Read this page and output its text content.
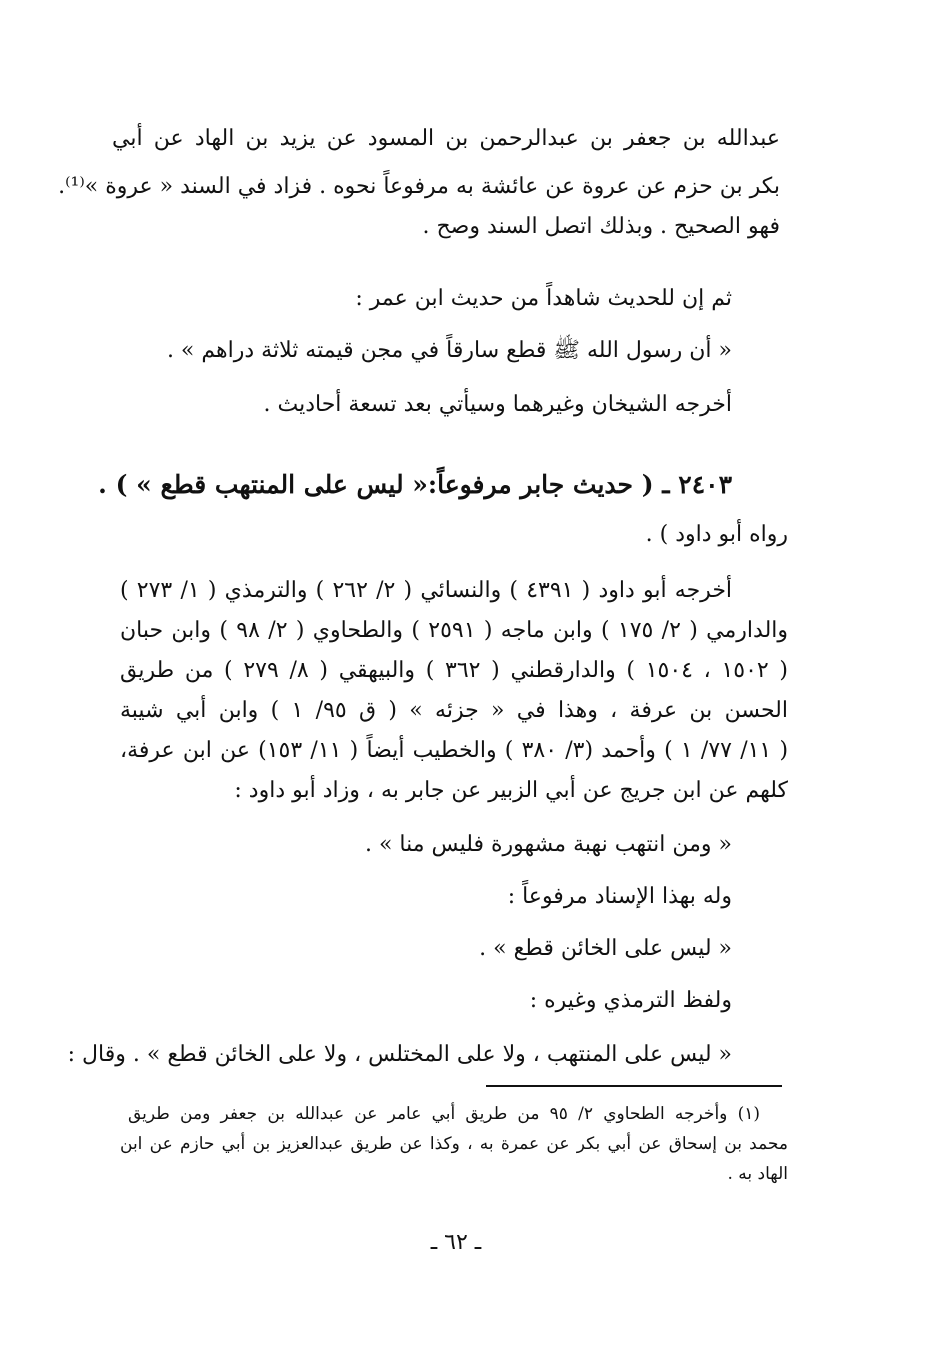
عبدالله بن جعفر بن عبدالرحمن بن المسود عن يزيد بن الهاد عن أبي
بكر بن حزم عن عروة عن عائشة به مرفوعاً نحوه . فزاد في السند « عروة »⁽¹⁾.
فهو الصحيح . وبذلك اتصل السند وصح .
ثم إن للحديث شاهداً من حديث ابن عمر :
« أن رسول الله ﷺ قطع سارقاً في مجن قيمته ثلاثة دراهم » .
أخرجه الشيخان وغيرهما وسيأتي بعد تسعة أحاديث .
٢٤٠٣ ـ ( حديث جابر مرفوعاً:« ليس على المنتهب قطع » ) .
رواه أبو داود ) .
أخرجه أبو داود ( ٤٣٩١ ) والنسائي ( ٢/ ٢٦٢ ) والترمذي ( ١/ ٢٧٣ )
والدارمي ( ٢/ ١٧٥ ) وابن ماجه ( ٢٥٩١ ) والطحاوي ( ٢/ ٩٨ ) وابن حبان
( ١٥٠٢ ، ١٥٠٤ ) والدارقطني ( ٣٦٢ ) والبيهقي ( ٨/ ٢٧٩ ) من طريق
الحسن بن عرفة ، وهذا في « جزئه » ( ق ٩٥/ ١ ) وابن أبي شيبة
( ١١/ ٧٧/ ١ ) وأحمد (٣/ ٣٨٠ ) والخطيب أيضاً ( ١١/ ١٥٣) عن ابن عرفة،
كلهم عن ابن جريج عن أبي الزبير عن جابر به ، وزاد أبو داود :
« ومن انتهب نهبة مشهورة فليس منا » .
وله بهذا الإسناد مرفوعاً :
« ليس على الخائن قطع » .
ولفظ الترمذي وغيره :
« ليس على المنتهب ، ولا على المختلس ، ولا على الخائن قطع » . وقال :
(١) وأخرجه الطحاوي ٢/ ٩٥ من طريق أبي عامر عن عبدالله بن جعفر ومن طريق
محمد بن إسحاق عن أبي بكر عن عمرة به ، وكذا عن طريق عبدالعزيز بن أبي حازم عن ابن
الهاد به .
ـ ٦٢ ـ
